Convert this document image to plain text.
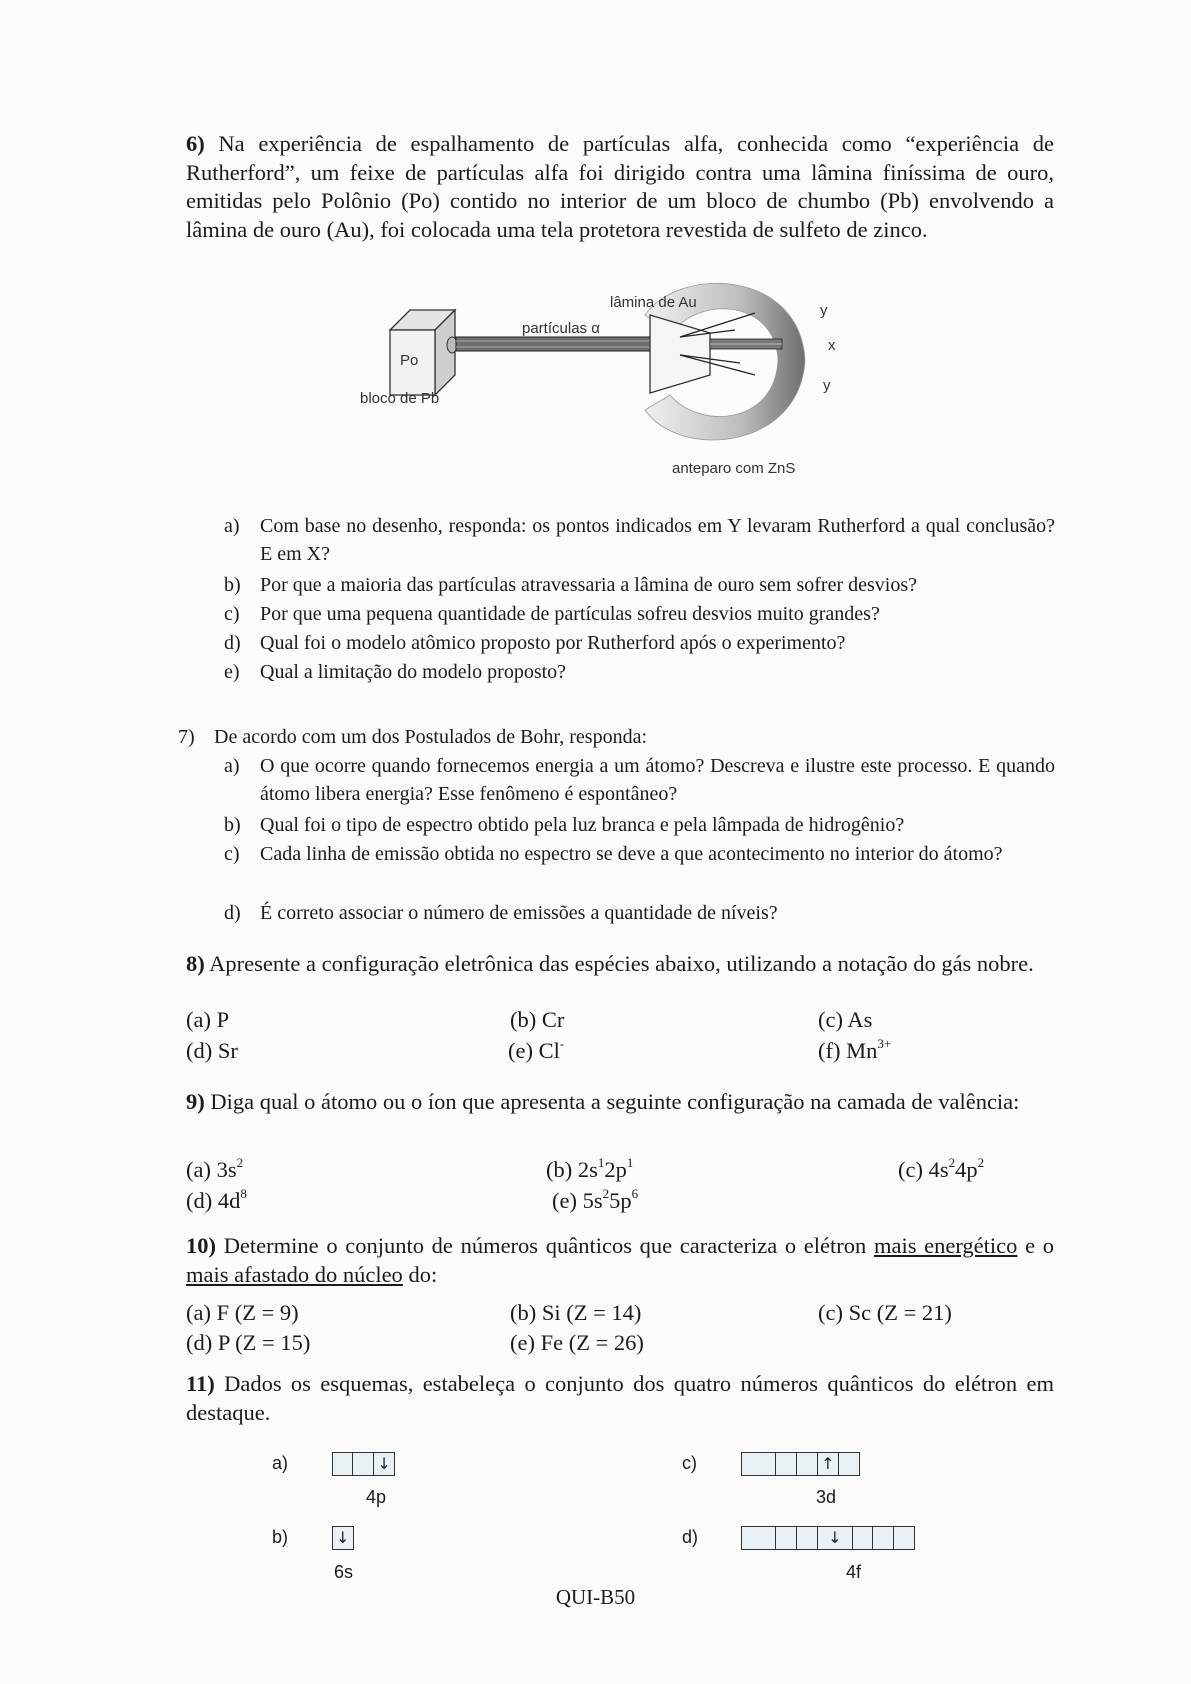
6) Na experiência de espalhamento de partículas alfa, conhecida como “experiência de Rutherford”, um feixe de partículas alfa foi dirigido contra uma lâmina finíssima de ouro, emitidas pelo Polônio (Po) contido no interior de um bloco de chumbo (Pb) envolvendo a lâmina de ouro (Au), foi colocada uma tela protetora revestida de sulfeto de zinco.
Po
bloco de Pb
partículas α
lâmina de Au	y
x
y
anteparo com ZnS
a) Com base no desenho, responda: os pontos indicados em Y levaram Rutherford a qual conclusão? E em X?
b) Por que a maioria das partículas atravessaria a lâmina de ouro sem sofrer desvios?
c) Por que uma pequena quantidade de partículas sofreu desvios muito grandes?
d) Qual foi o modelo atômico proposto por Rutherford após o experimento?
e) Qual a limitação do modelo proposto?
7) De acordo com um dos Postulados de Bohr, responda:
a) O que ocorre quando fornecemos energia a um átomo? Descreva e ilustre este processo. E quando átomo libera energia? Esse fenômeno é espontâneo?
b) Qual foi o tipo de espectro obtido pela luz branca e pela lâmpada de hidrogênio?
c) Cada linha de emissão obtida no espectro se deve a que acontecimento no interior do átomo?
d) É correto associar o número de emissões a quantidade de níveis?
8) Apresente a configuração eletrônica das espécies abaixo, utilizando a notação do gás nobre.
(a) P	(b) Cr	(c) As
(d) Sr	(e) Cl-	(f) $Mn^{3+}$
9) Diga qual o átomo ou o íon que apresenta a seguinte configuração na camada de valência:
(a) $3s^2$	(b) $2s^12p^1$	(c) $4s^24p^2$
(d) $4d^8$	(e) $5s^25p^6$
10) Determine o conjunto de números quânticos que caracteriza o elétron mais energético e o mais afastado do núcleo do:
(a) F (Z = 9)	(b) Si (Z = 14)	(c) Sc (Z = 21)
(d) P (Z = 15)	(e) Fe (Z = 26)
11) Dados os esquemas, estabeleça o conjunto dos quatro números quânticos do elétron em destaque.
a)	↓
4p
b)	↓
6s
c)	↑
3d
d)	↓
4f
QUI-B50
